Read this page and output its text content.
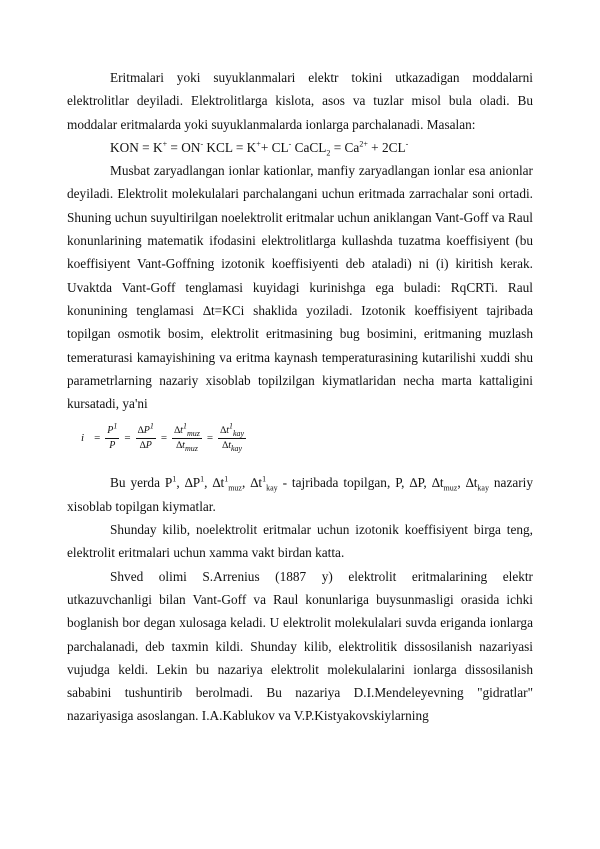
Eritmalari yoki suyuklanmalari elektr tokini utkazadigan moddalarni elektrolitlar deyiladi. Elektrolitlarga kislota, asos va tuzlar misol bula oladi. Bu moddalar eritmalarda yoki suyuklanmalarda ionlarga parchalanadi. Masalan:

KON = K+ = ON- KCL = K++ CL- CaCL$_2$ = $Ca^{2+} + 2CL^-$

Musbat zaryadlangan ionlar kationlar, manfiy zaryadlangan ionlar esa anionlar deyiladi. Elektrolit molekulalari parchalangani uchun eritmada zarrachalar soni ortadi. Shuning uchun suyultirilgan noelektrolit eritmalar uchun aniklangan Vant-Goff va Raul konunlarining matematik ifodasini elektrolitlarga kullashda tuzatma koeffisiyent (bu koeffisiyent Vant-Goffning izotonik koeffisiyenti deb ataladi) ni (i) kiritish kerak. Uvaktda Vant-Goff tenglamasi kuyidagi kurinishga ega buladi: RqCRTi. Raul konunining tenglamasi ∆t=KCi shaklida yoziladi. Izotonik koeffisiyent tajribada topilgan osmotik bosim, elektrolit eritmasining bug bosimini, eritmaning muzlash temeraturasi kamayishining va eritma kaynash temperaturasining kutarilishi xuddi shu parametrlarning nazariy xisoblab topilzilgan kiymatlaridan necha marta kattaligini kursatadi, ya'ni

$i = \frac{P^1}{P} = \frac{\Delta P^1}{\Delta P} = \frac{\Delta t^1_{muz}}{\Delta t_{muz}} = \frac{\Delta t^1_{kay}}{\Delta t_{kay}}$

Bu yerda $P^1$, $\Delta P^1$, $\Delta t^1_{muz}$, $\Delta t^1_{kay}$ - tajribada topilgan, P, ∆P, $\Delta t_{muz}$, $\Delta t_{kay}$ nazariy xisoblab topilgan kiymatlar.

Shunday kilib, noelektrolit eritmalar uchun izotonik koeffisiyent birga teng, elektrolit eritmalari uchun xamma vakt birdan katta.

Shved olimi S.Arrenius (1887 y) elektrolit eritmalarining elektr utkazuvchanligi bilan Vant-Goff va Raul konunlariga buysunmasligi orasida ichki boglanish bor degan xulosaga keladi. U elektrolit molekulalari suvda eriganda ionlarga parchalanadi, deb taxmin kildi. Shunday kilib, elektrolitik dissosilanish nazariyasi vujudga keldi. Lekin bu nazariya elektrolit molekulalarini ionlarga dissosilanish sababini tushuntirib berolmadi. Bu nazariya D.I.Mendeleyevning "gidratlar" nazariyasiga asoslangan. I.A.Kablukov va V.P.Kistyakovskiylarning
